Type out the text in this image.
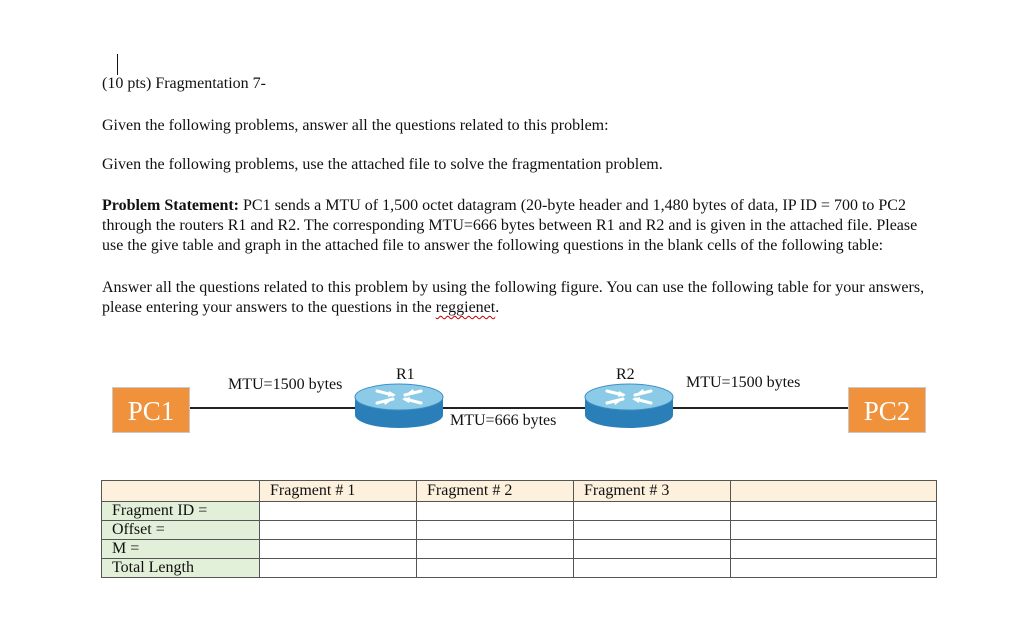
(10 pts) Fragmentation 7-
Given the following problems, answer all the questions related to this problem:
Given the following problems, use the attached file to solve the fragmentation problem.
Problem Statement: PC1 sends a MTU of 1,500 octet datagram (20-byte header and 1,480 bytes of data, IP ID = 700 to PC2 through the routers R1 and R2. The corresponding MTU=666 bytes between R1 and R2 and is given in the attached file. Please use the give table and graph in the attached file to answer the following questions in the blank cells of the following table:
Answer all the questions related to this problem by using the following figure. You can use the following table for your answers, please entering your answers to the questions in the reggienet.
PC1	PC2
R1	R2
MTU=1500 bytes
MTU=666 bytes
MTU=1500 bytes
	Fragment # 1	Fragment # 2	Fragment # 3	
Fragment ID =				
Offset =				
M =				
Total Length				
